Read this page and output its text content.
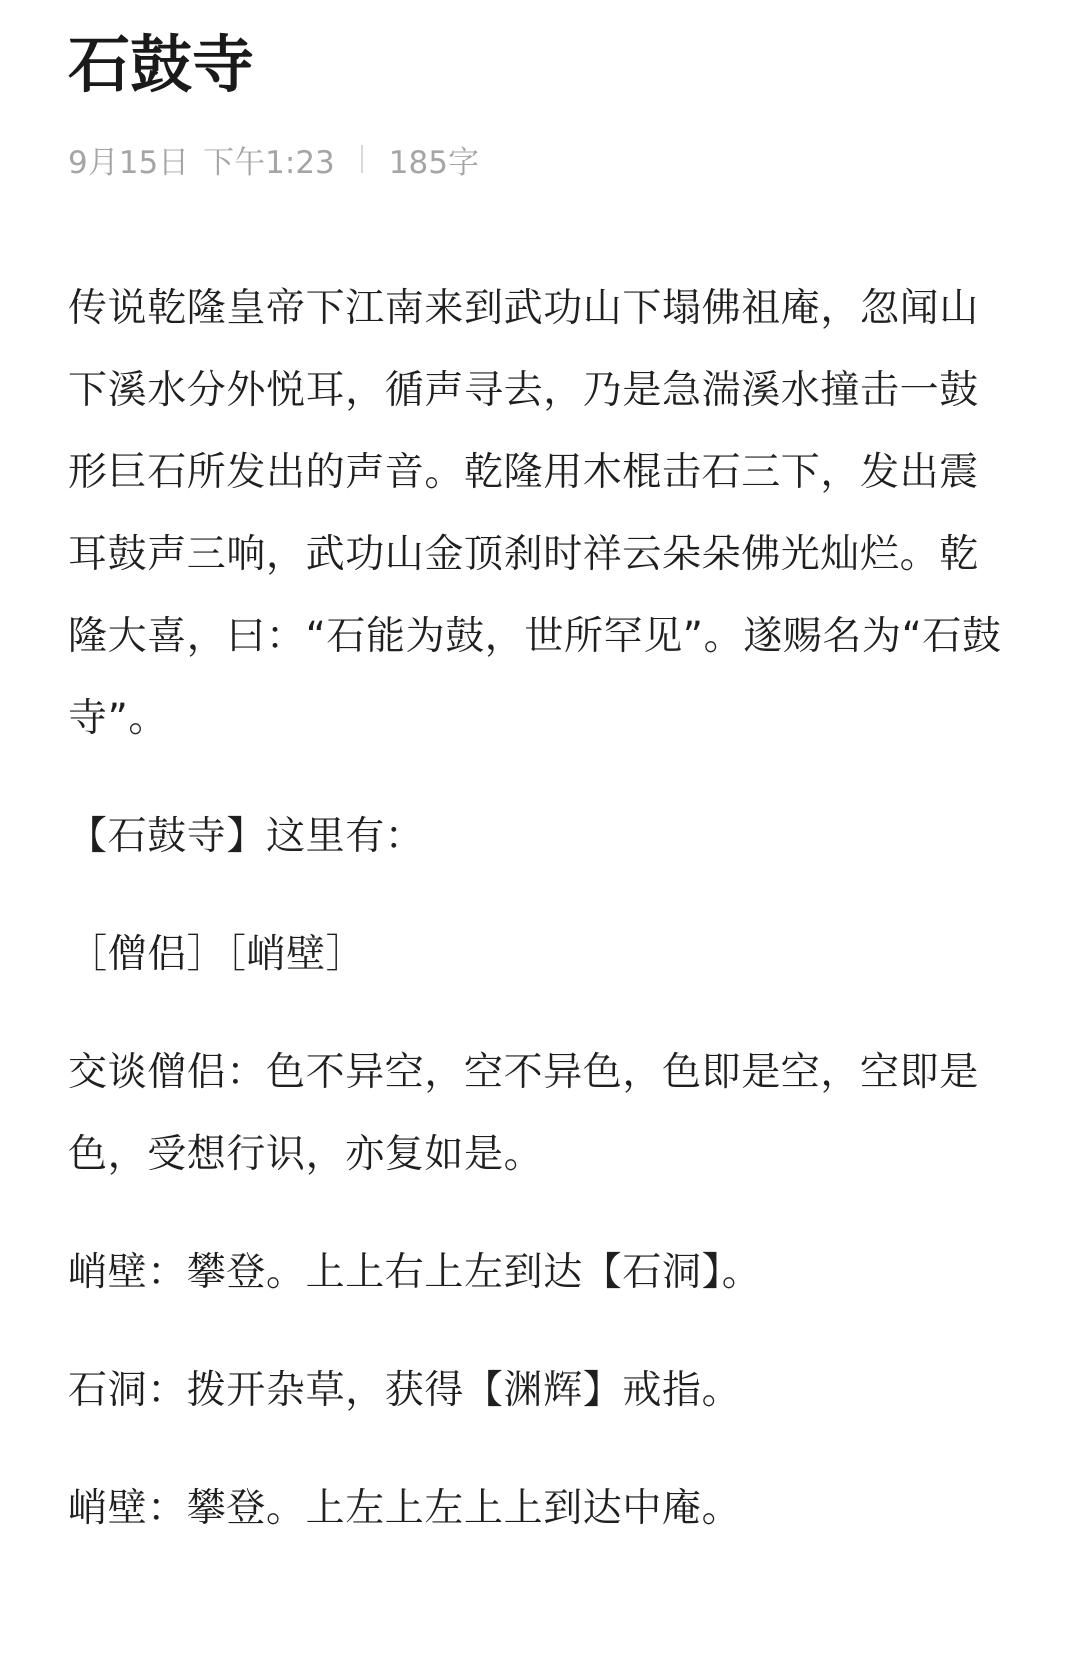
石鼓寺
9月15日 下午1:23 185字

传说乾隆皇帝下江南来到武功山下塌佛祖庵，忽闻山下溪水分外悦耳，循声寻去，乃是急湍溪水撞击一鼓形巨石所发出的声音。乾隆用木棍击石三下，发出震耳鼓声三响，武功山金顶刹时祥云朵朵佛光灿烂。乾隆大喜，曰：“石能为鼓，世所罕见”。遂赐名为“石鼓寺”。

【石鼓寺】这里有：

［僧侣］［峭壁］

交谈僧侣：色不异空，空不异色，色即是空，空即是色，受想行识，亦复如是。

峭壁：攀登。上上右上左到达【石洞】。

石洞：拨开杂草，获得【渊辉】戒指。

峭壁：攀登。上左上左上上到达中庵。
